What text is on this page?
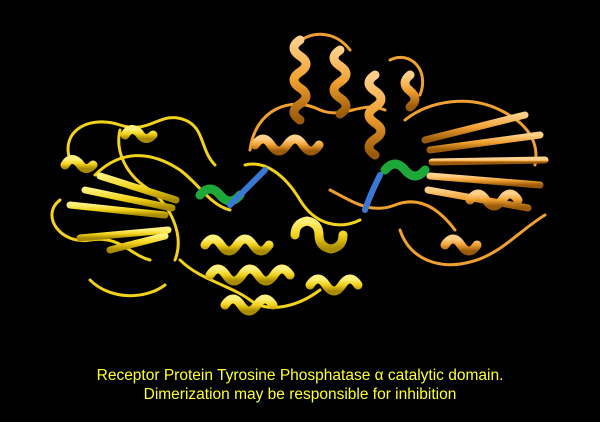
Receptor Protein Tyrosine Phosphatase α catalytic domain.
Dimerization may be responsible for inhibition
